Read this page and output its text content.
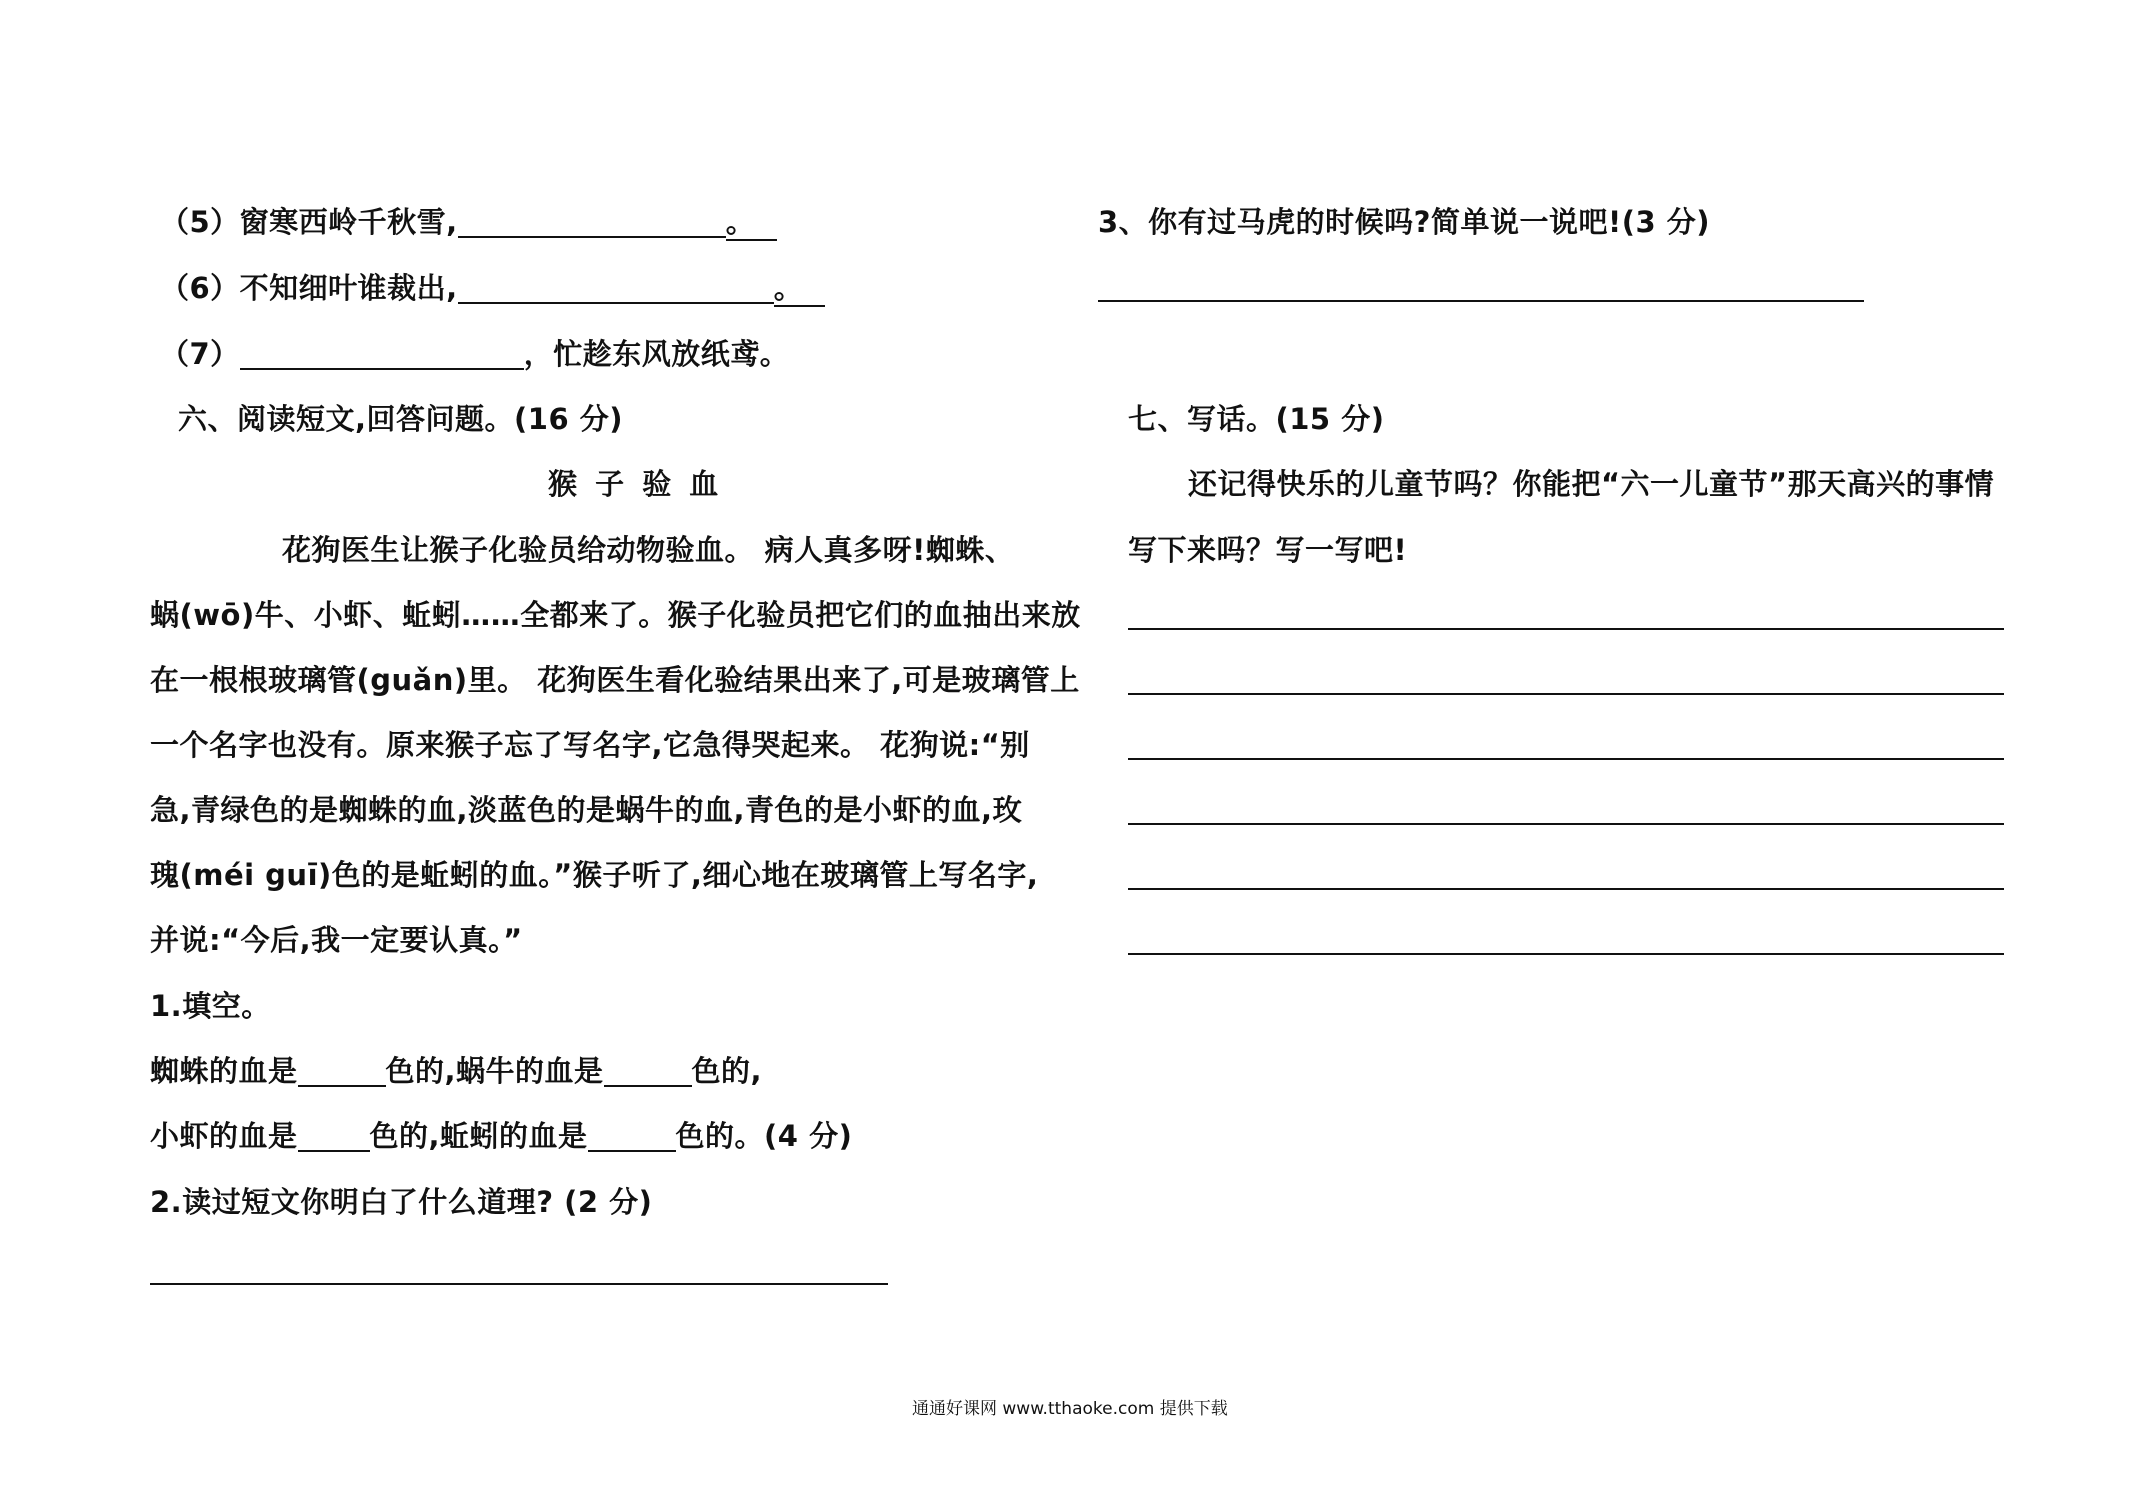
（5）窗寒西岭千秋雪,	。
（6）不知细叶谁裁出,	。
（7）	，忙趁东风放纸鸢。
六、阅读短文,回答问题。(16 分)
猴 子 验 血
花狗医生让猴子化验员给动物验血。 病人真多呀!蜘蛛、
蜗(wō)牛、小虾、蚯蚓……全都来了。猴子化验员把它们的血抽出来放
在一根根玻璃管(guǎn)里。 花狗医生看化验结果出来了,可是玻璃管上
一个名字也没有。原来猴子忘了写名字,它急得哭起来。 花狗说:“别
急,青绿色的是蜘蛛的血,淡蓝色的是蜗牛的血,青色的是小虾的血,玫
瑰(méi guī)色的是蚯蚓的血。”猴子听了,细心地在玻璃管上写名字,
并说:“今后,我一定要认真。”
1.填空。
蜘蛛的血是	色的,蜗牛的血是	色的,
小虾的血是 色的,蚯蚓的血是	色的。(4 分)
2.读过短文你明白了什么道理? (2 分)
3、你有过马虎的时候吗?简单说一说吧!(3 分)
七、写话。(15 分)
还记得快乐的儿童节吗？你能把“六一儿童节”那天高兴的事情
写下来吗？写一写吧!
通通好课网 www.tthaoke.com 提供下载
